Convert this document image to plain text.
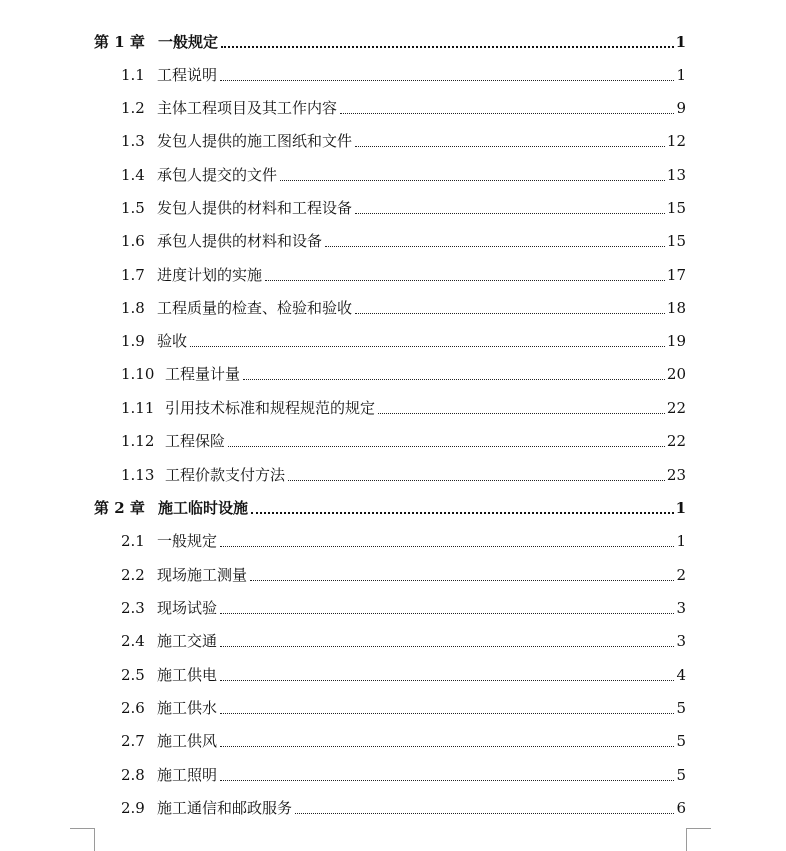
第 1 章 一般规定	1
1.1 工程说明	1
1.2 主体工程项目及其工作内容	9
1.3 发包人提供的施工图纸和文件	12
1.4 承包人提交的文件	13
1.5 发包人提供的材料和工程设备	15
1.6 承包人提供的材料和设备	15
1.7 进度计划的实施	17
1.8 工程质量的检查、检验和验收	18
1.9 验收	19
1.10 工程量计量	20
1.11 引用技术标准和规程规范的规定	22
1.12 工程保险	22
1.13 工程价款支付方法	23
第 2 章 施工临时设施	1
2.1 一般规定	1
2.2 现场施工测量	2
2.3 现场试验	3
2.4 施工交通	3
2.5 施工供电	4
2.6 施工供水	5
2.7 施工供风	5
2.8 施工照明	5
2.9 施工通信和邮政服务	6
